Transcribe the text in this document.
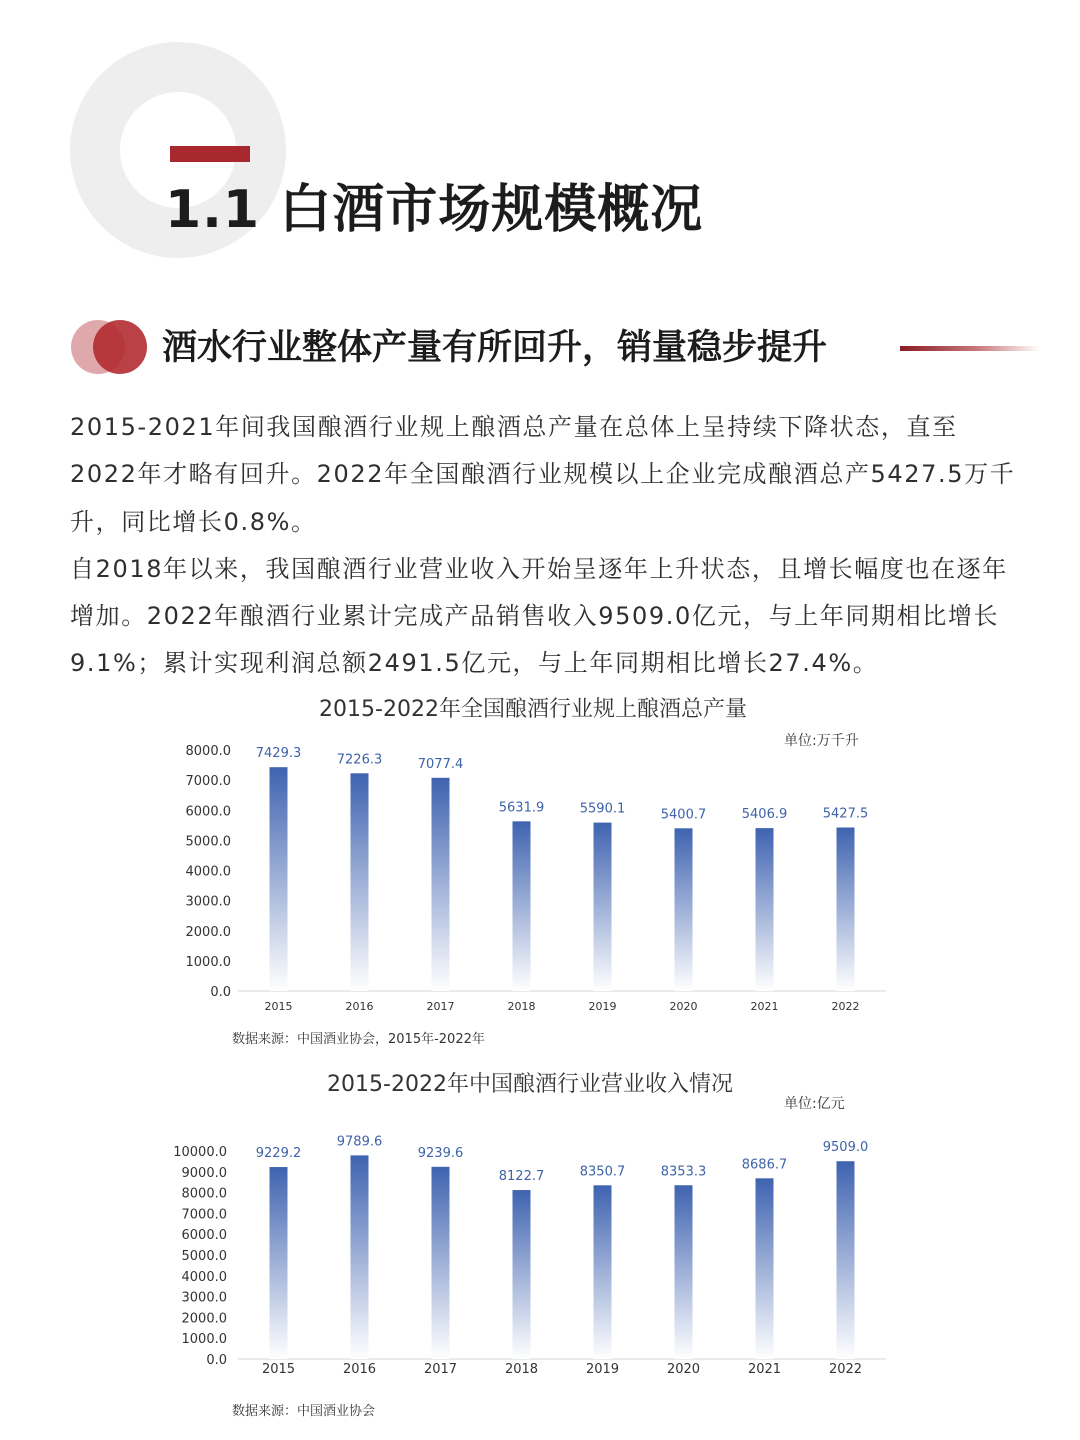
1.1 白酒市场规模概况
酒水行业整体产量有所回升，销量稳步提升

2015-2021年间我国酿酒行业规上酿酒总产量在总体上呈持续下降状态，直至2022年才略有回升。2022年全国酿酒行业规模以上企业完成酿酒总产5427.5万千升，同比增长0.8%。

自2018年以来，我国酿酒行业营业收入开始呈逐年上升状态，且增长幅度也在逐年增加。2022年酿酒行业累计完成产品销售收入9509.0亿元，与上年同期相比增长9.1%；累计实现利润总额2491.5亿元，与上年同期相比增长27.4%。

2015-2022年全国酿酒行业规上酿酒总产量
单位:万千升
0.0
1000.0
2000.0
3000.0
4000.0
5000.0
6000.0
7000.0
8000.0 7429.3
2015
7226.3
2016
7077.4
2017
5631.9
2018
5590.1
2019
5400.7
2020
5406.9
2021
5427.5
2022
数据来源：中国酒业协会，2015年-2022年
2015-2022年中国酿酒行业营业收入情况
单位:亿元
0.0
1000.0
2000.0
3000.0
4000.0
5000.0
6000.0
7000.0
8000.0
9000.0
10000.0 9229.2
2015
9789.6
2016
9239.6
2017
8122.7
2018
8350.7
2019
8353.3
2020
8686.7
2021
9509.0
2022
数据来源：中国酒业协会
